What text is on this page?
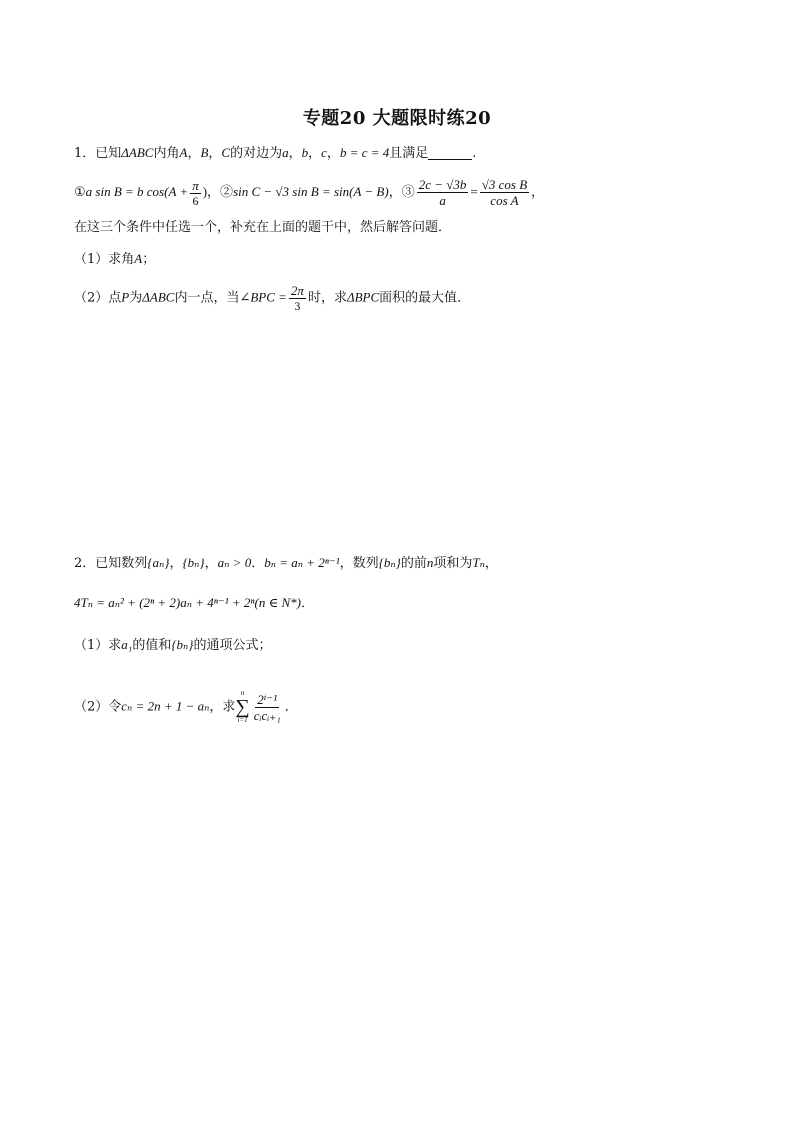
专题20 大题限时练20
1．已知ΔABC内角A，B，C的对边为a，b，c，b = c = 4且满足	.
①a sin B = b $\cos(A + \frac{\pi}{6}$ )，②sin C − √3 sin B = sin(A − B)，③ $\frac{2c - √3b}{a} = \frac{\text{√3 cos B}}{\text{cos A}}$ ，
在这三个条件中任选一个，补充在上面的题干中，然后解答问题．
（1）求角A；
（2）点P为ΔABC内一点，当∠BPC = $\frac{2\pi}{3}$ 时，求ΔBPC面积的最大值．
2．已知数列{aₙ}，{bₙ}，aₙ > 0．bₙ = aₙ + 2ⁿ⁻¹，数列{bₙ}的前n项和为Tₙ，
4Tₙ = aₙ² + (2ⁿ + 2)aₙ + 4ⁿ⁻¹ + 2ⁿ(n ∈ N*)．
（1）求a₁的值和{bₙ}的通项公式；
（2）令cₙ = 2n + 1 − aₙ，求
n
∑
$i=1 \frac{\text{2ⁱ⁻¹}}{\text{cᵢcᵢ₊₁}}$ ．
